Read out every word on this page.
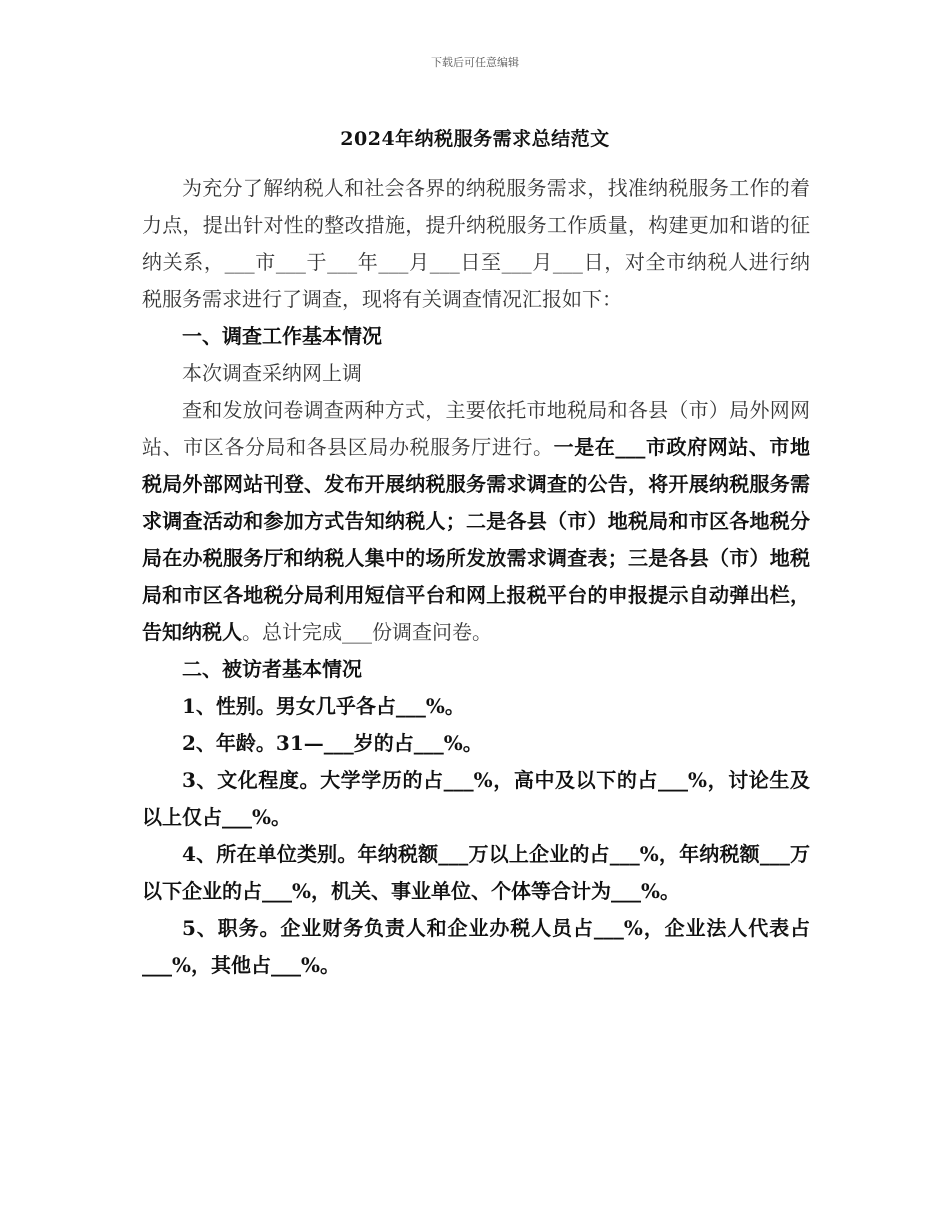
下载后可任意编辑
2024年纳税服务需求总结范文

为充分了解纳税人和社会各界的纳税服务需求，找准纳税服务工作的着力点，提出针对性的整改措施，提升纳税服务工作质量，构建更加和谐的征纳关系，___市___于___年___月___日至___月___日，对全市纳税人进行纳税服务需求进行了调查，现将有关调查情况汇报如下：

一、调查工作基本情况

本次调查采纳网上调

查和发放问卷调查两种方式，主要依托市地税局和各县（市）局外网网站、市区各分局和各县区局办税服务厅进行。一是在___市政府网站、市地税局外部网站刊登、发布开展纳税服务需求调查的公告，将开展纳税服务需求调查活动和参加方式告知纳税人；二是各县（市）地税局和市区各地税分局在办税服务厅和纳税人集中的场所发放需求调查表；三是各县（市）地税局和市区各地税分局利用短信平台和网上报税平台的申报提示自动弹出栏，告知纳税人。总计完成___份调查问卷。

二、被访者基本情况

1、性别。男女几乎各占___%。

2、年龄。31—___岁的占___%。

3、文化程度。大学学历的占___%，高中及以下的占___%，讨论生及以上仅占___%。

4、所在单位类别。年纳税额___万以上企业的占___%，年纳税额___万以下企业的占___%，机关、事业单位、个体等合计为___%。

5、职务。企业财务负责人和企业办税人员占___%，企业法人代表占___%，其他占___%。
